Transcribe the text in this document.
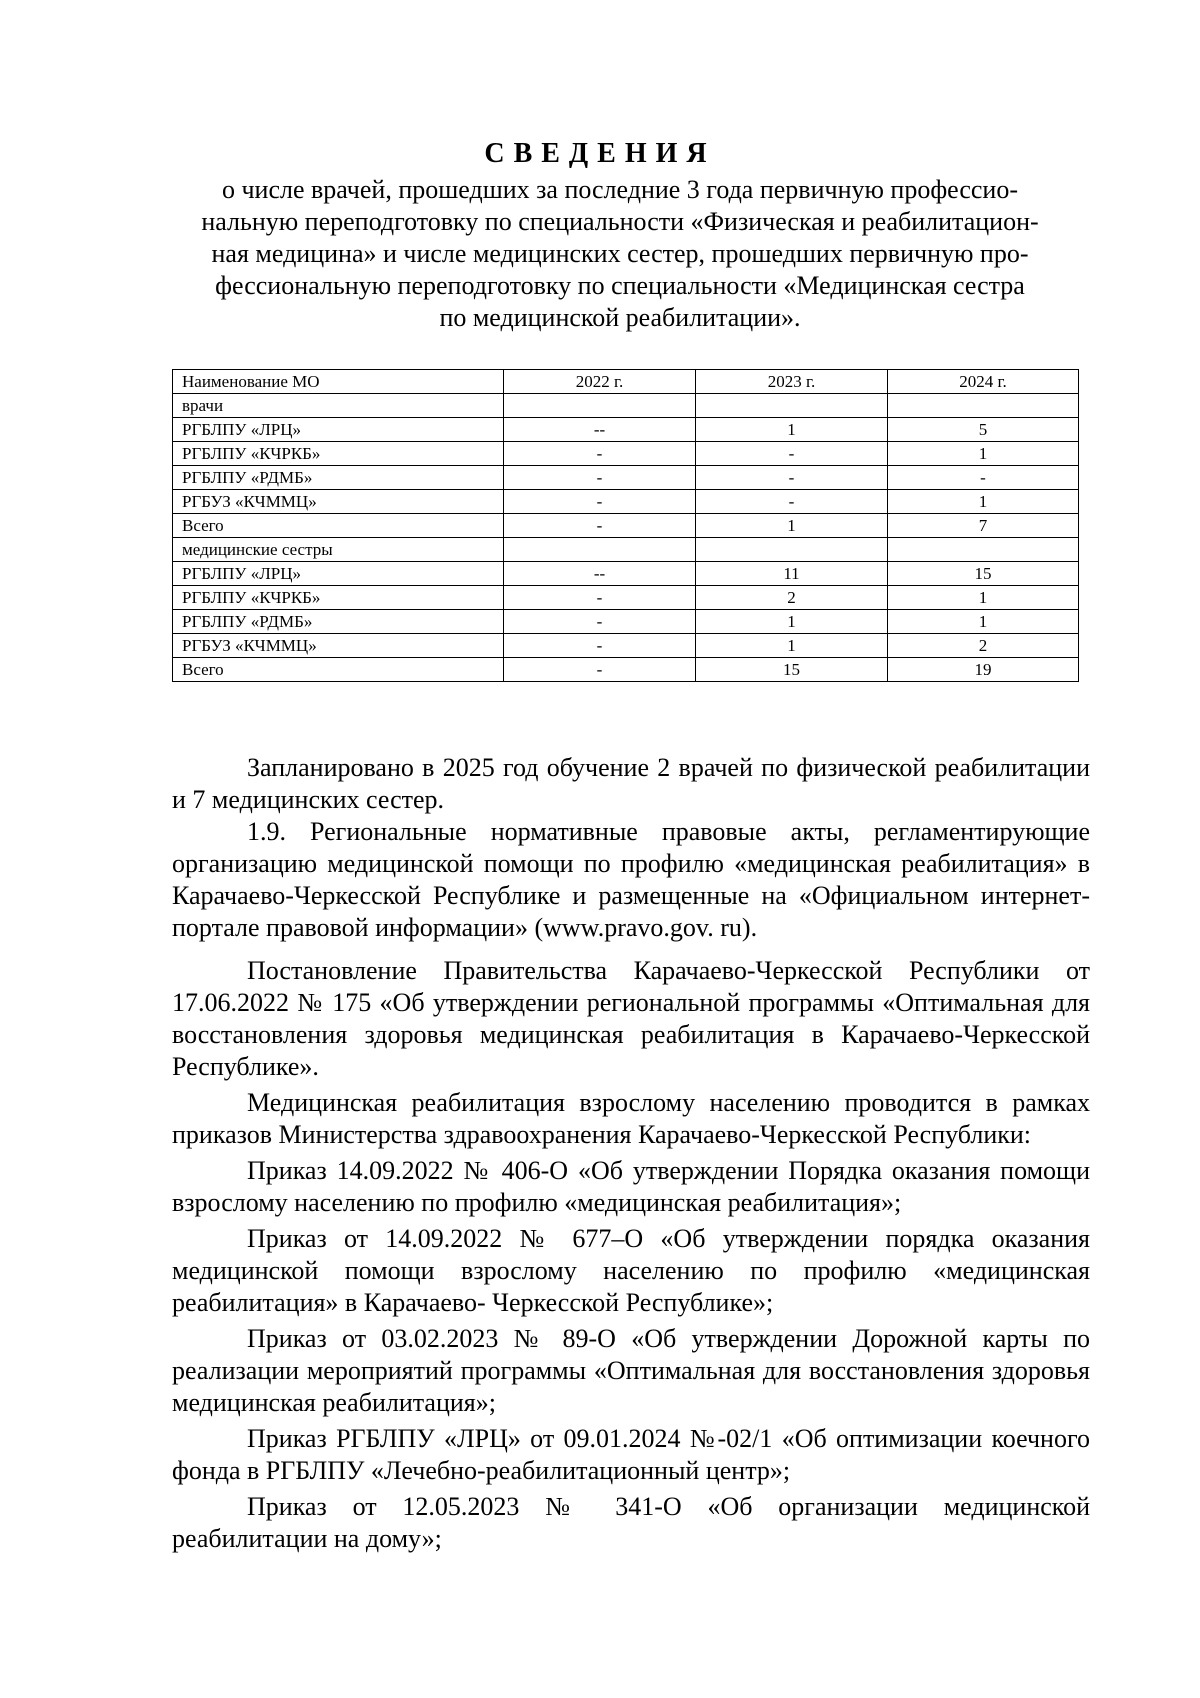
СВЕДЕНИЯ
о числе врачей, прошедших за последние 3 года первичную профессио-
нальную переподготовку по специальности «Физическая и реабилитацион-
ная медицина» и числе медицинских сестер, прошедших первичную про-
фессиональную переподготовку по специальности «Медицинская сестра
по медицинской реабилитации».
Наименование МО	2022 г.	2023 г.	2024 г.
врачи			
РГБЛПУ «ЛРЦ»	--	1	5
РГБЛПУ «КЧРКБ»	-	-	1
РГБЛПУ «РДМБ»	-	-	-
РГБУЗ «КЧММЦ»	-	-	1
Всего	-	1	7
медицинские сестры			
РГБЛПУ «ЛРЦ»	--	11	15
РГБЛПУ «КЧРКБ»	-	2	1
РГБЛПУ «РДМБ»	-	1	1
РГБУЗ «КЧММЦ»	-	1	2
Всего	-	15	19

Запланировано в 2025 год обучение 2 врачей по физической реабилитации и 7 медицинских сестер.

1.9. Региональные нормативные правовые акты, регламентирующие организацию медицинской помощи по профилю «медицинская реабилитация» в Карачаево-Черкесской Республике и размещенные на «Официальном интернет-портале правовой информации» (www.pravo.gov. ru).

Постановление Правительства Карачаево-Черкесской Республики от 17.06.2022 № 175 «Об утверждении региональной программы «Оптимальная для восстановления здоровья медицинская реабилитация в Карачаево-Черкесской Республике».

Медицинская реабилитация взрослому населению проводится в рамках приказов Министерства здравоохранения Карачаево-Черкесской Республики:

Приказ 14.09.2022 № 406-О «Об утверждении Порядка оказания помощи взрослому населению по профилю «медицинская реабилитация»;

Приказ от 14.09.2022 № 677–О «Об утверждении порядка оказания медицинской помощи взрослому населению по профилю «медицинская реабилитация» в Карачаево- Черкесской Республике»;

Приказ от 03.02.2023 № 89-О «Об утверждении Дорожной карты по реализации мероприятий программы «Оптимальная для восстановления здоровья медицинская реабилитация»;

Приказ РГБЛПУ «ЛРЦ» от 09.01.2024 №-02/1 «Об оптимизации коечного фонда в РГБЛПУ «Лечебно-реабилитационный центр»;

Приказ от 12.05.2023 № 341-О «Об организации медицинской реабилитации на дому»;
